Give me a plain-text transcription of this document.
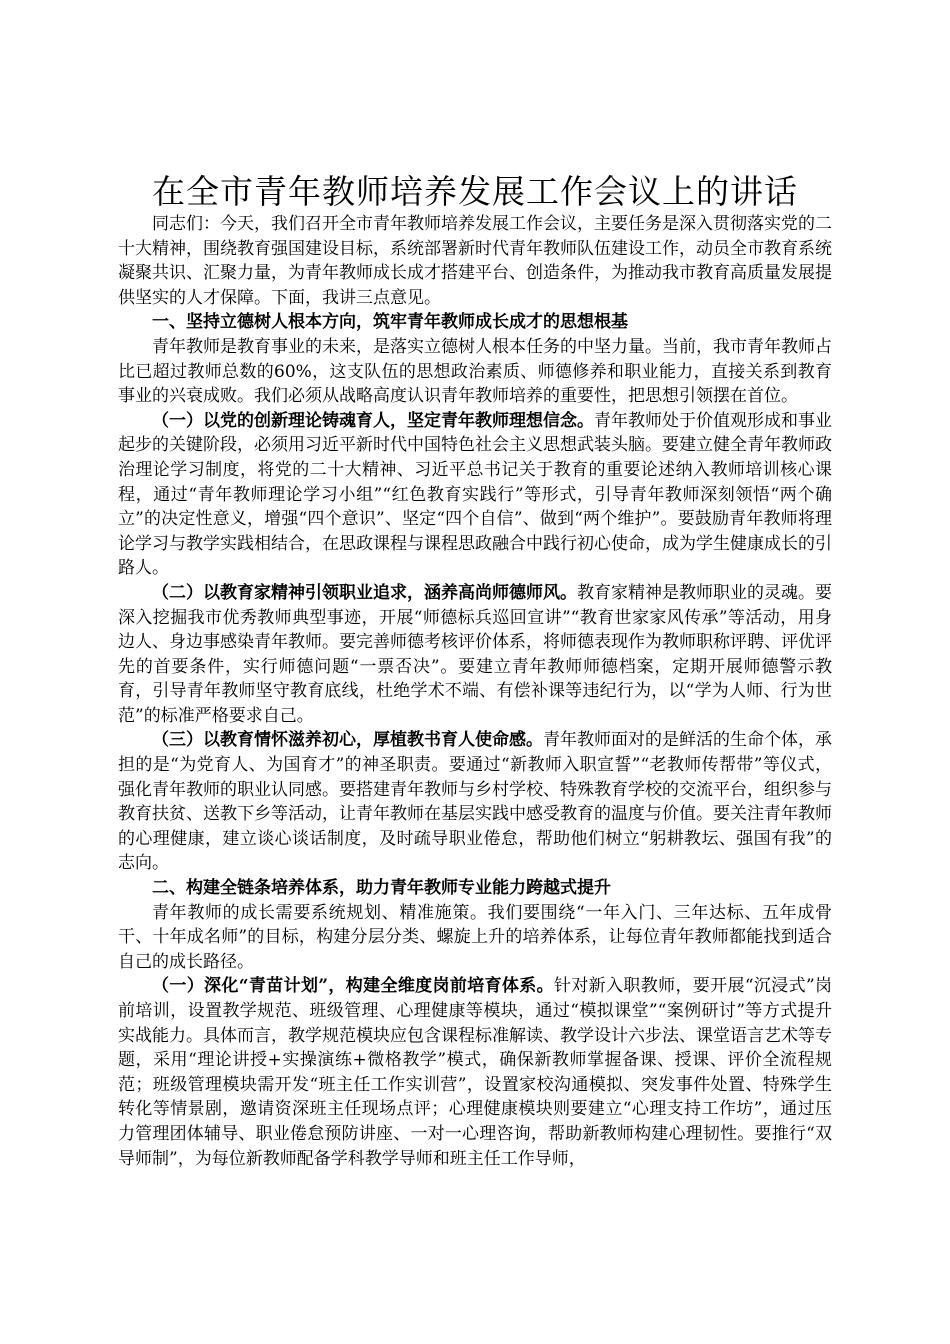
在全市青年教师培养发展工作会议上的讲话

同志们：今天，我们召开全市青年教师培养发展工作会议，主要任务是深入贯彻落实党的二十大精神，围绕教育强国建设目标，系统部署新时代青年教师队伍建设工作，动员全市教育系统凝聚共识、汇聚力量，为青年教师成长成才搭建平台、创造条件，为推动我市教育高质量发展提供坚实的人才保障。下面，我讲三点意见。

一、坚持立德树人根本方向，筑牢青年教师成长成才的思想根基

青年教师是教育事业的未来，是落实立德树人根本任务的中坚力量。当前，我市青年教师占比已超过教师总数的60%，这支队伍的思想政治素质、师德修养和职业能力，直接关系到教育事业的兴衰成败。我们必须从战略高度认识青年教师培养的重要性，把思想引领摆在首位。

（一）以党的创新理论铸魂育人，坚定青年教师理想信念。青年教师处于价值观形成和事业起步的关键阶段，必须用习近平新时代中国特色社会主义思想武装头脑。要建立健全青年教师政治理论学习制度，将党的二十大精神、习近平总书记关于教育的重要论述纳入教师培训核心课程，通过“青年教师理论学习小组”“红色教育实践行”等形式，引导青年教师深刻领悟“两个确立”的决定性意义，增强“四个意识”、坚定“四个自信”、做到“两个维护”。要鼓励青年教师将理论学习与教学实践相结合，在思政课程与课程思政融合中践行初心使命，成为学生健康成长的引路人。

（二）以教育家精神引领职业追求，涵养高尚师德师风。教育家精神是教师职业的灵魂。要深入挖掘我市优秀教师典型事迹，开展“师德标兵巡回宣讲”“教育世家家风传承”等活动，用身边人、身边事感染青年教师。要完善师德考核评价体系，将师德表现作为教师职称评聘、评优评先的首要条件，实行师德问题“一票否决”。要建立青年教师师德档案，定期开展师德警示教育，引导青年教师坚守教育底线，杜绝学术不端、有偿补课等违纪行为，以“学为人师、行为世范”的标准严格要求自己。

（三）以教育情怀滋养初心，厚植教书育人使命感。青年教师面对的是鲜活的生命个体，承担的是“为党育人、为国育才”的神圣职责。要通过“新教师入职宣誓”“老教师传帮带”等仪式，强化青年教师的职业认同感。要搭建青年教师与乡村学校、特殊教育学校的交流平台，组织参与教育扶贫、送教下乡等活动，让青年教师在基层实践中感受教育的温度与价值。要关注青年教师的心理健康，建立谈心谈话制度，及时疏导职业倦怠，帮助他们树立“躬耕教坛、强国有我”的志向。

二、构建全链条培养体系，助力青年教师专业能力跨越式提升

青年教师的成长需要系统规划、精准施策。我们要围绕“一年入门、三年达标、五年成骨干、十年成名师”的目标，构建分层分类、螺旋上升的培养体系，让每位青年教师都能找到适合自己的成长路径。

（一）深化“青苗计划”，构建全维度岗前培育体系。针对新入职教师，要开展“沉浸式”岗前培训，设置教学规范、班级管理、心理健康等模块，通过“模拟课堂”“案例研讨”等方式提升实战能力。具体而言，教学规范模块应包含课程标准解读、教学设计六步法、课堂语言艺术等专题，采用“理论讲授+实操演练+微格教学”模式，确保新教师掌握备课、授课、评价全流程规范；班级管理模块需开发“班主任工作实训营”，设置家校沟通模拟、突发事件处置、特殊学生转化等情景剧，邀请资深班主任现场点评；心理健康模块则要建立“心理支持工作坊”，通过压力管理团体辅导、职业倦怠预防讲座、一对一心理咨询，帮助新教师构建心理韧性。要推行“双导师制”，为每位新教师配备学科教学导师和班主任工作导师，
